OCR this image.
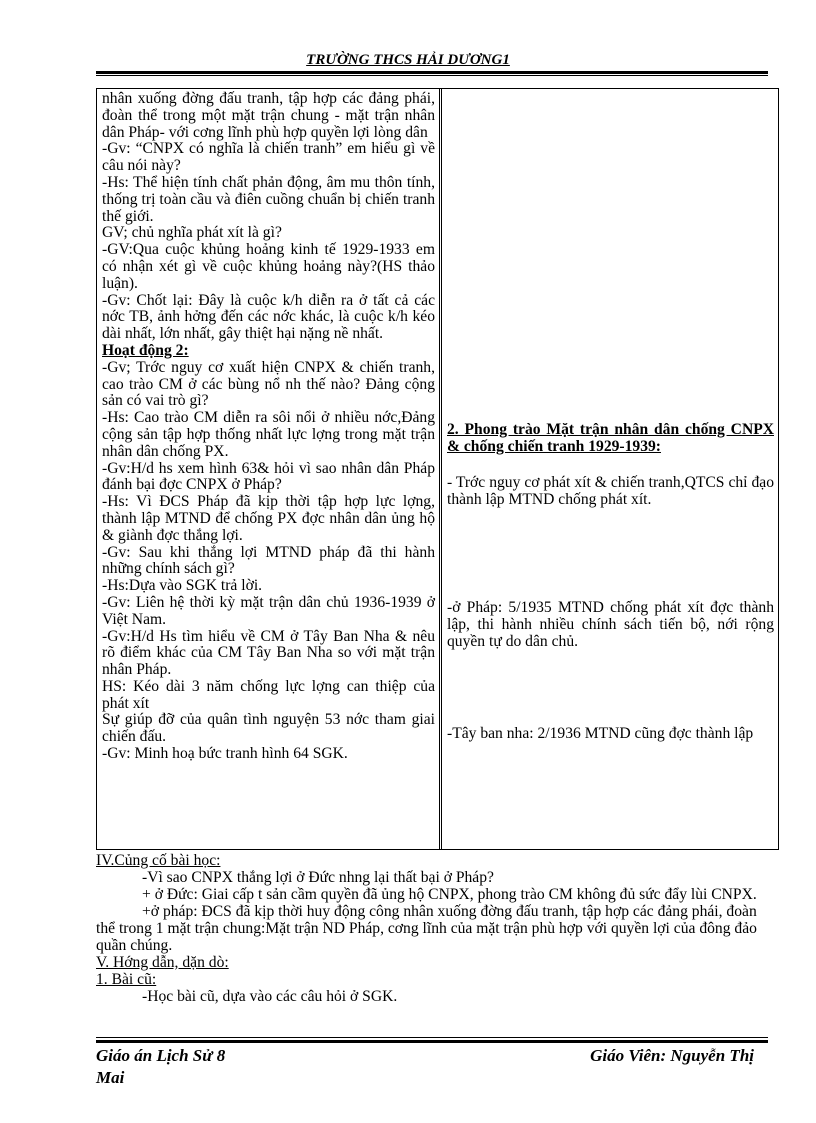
TRƯỜNG THCS HẢI DƯƠNG1

nhân xuống đờng đấu tranh, tập hợp các đảng phái, đoàn thể trong một mặt trận chung - mặt trận nhân dân Pháp- với cơng lĩnh phù hợp quyền lợi lòng dân

-Gv: “CNPX có nghĩa là chiến tranh” em hiểu gì về câu nói này?

-Hs: Thể hiện tính chất phản động, âm mu thôn tính, thống trị toàn cầu và điên cuồng chuẩn bị chiến tranh thế giới.

GV; chủ nghĩa phát xít là gì?

-GV:Qua cuộc khủng hoảng kinh tế 1929-1933 em có nhận xét gì về cuộc khủng hoảng này?(HS thảo luận).

-Gv: Chốt lại: Đây là cuộc k/h diễn ra ở tất cả các nớc TB, ảnh hởng đến các nớc khác, là cuộc k/h kéo dài nhất, lớn nhất, gây thiệt hại nặng nề nhất.

Hoạt động 2:

-Gv; Trớc nguy cơ xuất hiện CNPX & chiến tranh, cao trào CM ở các bùng nổ nh thế nào? Đảng cộng sản có vai trò gì?

-Hs: Cao trào CM diễn ra sôi nổi ở nhiều nớc,Đảng cộng sản tập hợp thống nhất lực lợng trong mặt trận nhân dân chống PX.

-Gv:H/d hs xem hình 63& hỏi vì sao nhân dân Pháp đánh bại đợc CNPX ở Pháp?

-Hs: Vì ĐCS Pháp đã kịp thời tập hợp lực lợng, thành lập MTND để chống PX đợc nhân dân ủng hộ & giành đợc thắng lợi.

-Gv: Sau khi thắng lợi MTND pháp đã thi hành những chính sách gì?

-Hs:Dựa vào SGK trả lời.

-Gv: Liên hệ thời kỳ mặt trận dân chủ 1936-1939 ở Việt Nam.

-Gv:H/d Hs tìm hiểu về CM ở Tây Ban Nha & nêu rõ điểm khác của CM Tây Ban Nha so với mặt trận nhân Pháp.

HS: Kéo dài 3 năm chống lực lợng can thiệp của phát xít

Sự giúp đỡ của quân tình nguyện 53 nớc tham giai chiến đấu.

-Gv: Minh hoạ bức tranh hình 64 SGK.

2. Phong trào Mặt trận nhân dân chống CNPX & chống chiến tranh 1929-1939:

- Trớc nguy cơ phát xít & chiến tranh,QTCS chỉ đạo thành lập MTND chống phát xít.

-ở Pháp: 5/1935 MTND chống phát xít đợc thành lập, thi hành nhiều chính sách tiến bộ, nới rộng quyền tự do dân chủ.

-Tây ban nha: 2/1936 MTND cũng đợc thành lập

IV.Củng cố bài học:

-Vì sao CNPX thắng lợi ở Đức nhng lại thất bại ở Pháp?

+ ở Đức: Giai cấp t sản cầm quyền đã ủng hộ CNPX, phong trào CM không đủ sức đẩy lùi CNPX.

+ở pháp: ĐCS đã kịp thời huy động công nhân xuống đờng đấu tranh, tập hợp các đảng phái, đoàn thể trong 1 mặt trận chung:Mặt trận ND Pháp, cơng lĩnh của mặt trận phù hợp với quyền lợi của đông đảo quần chúng.

V. Hớng dẫn, dặn dò:

1. Bài cũ:

-Học bài cũ, dựa vào các câu hỏi ở SGK.

Giáo án Lịch Sử 8
Mai
Giáo Viên: Nguyễn Thị
